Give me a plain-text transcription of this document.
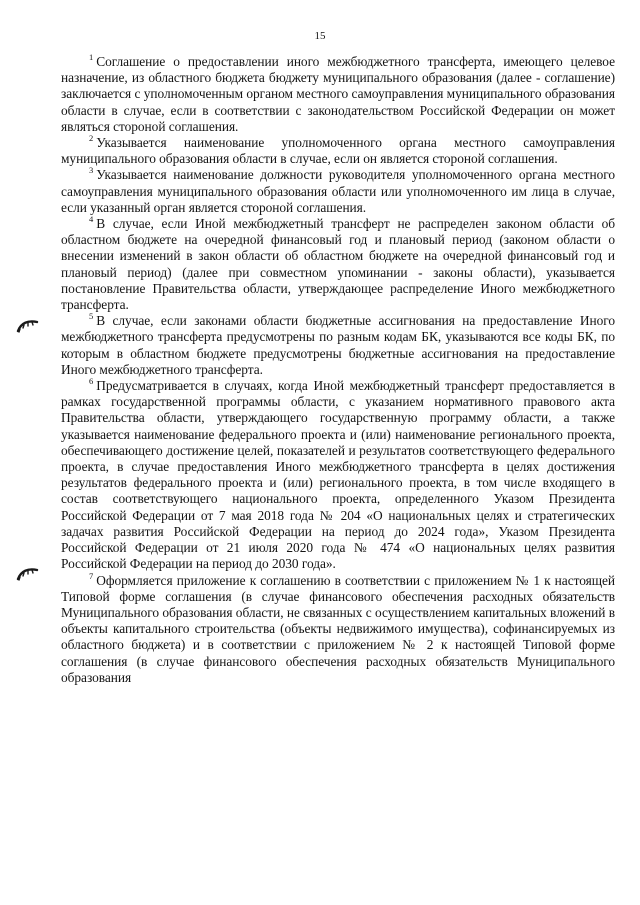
15

$^1$ Соглашение о предоставлении иного межбюджетного трансферта, имеющего целевое назначение, из областного бюджета бюджету муниципального образования (далее - соглашение) заключается с уполномоченным органом местного самоуправления муниципального образования области в случае, если в соответствии с законодательством Российской Федерации он может являться стороной соглашения.

$^2$ Указывается наименование уполномоченного органа местного самоуправления муниципального образования области в случае, если он является стороной соглашения.

$^3$ Указывается наименование должности руководителя уполномоченного органа местного самоуправления муниципального образования области или уполномоченного им лица в случае, если указанный орган является стороной соглашения.

$^4$ В случае, если Иной межбюджетный трансферт не распределен законом области об областном бюджете на очередной финансовый год и плановый период (законом области о внесении изменений в закон области об областном бюджете на очередной финансовый год и плановый период) (далее при совместном упоминании - законы области), указывается постановление Правительства области, утверждающее распределение Иного межбюджетного трансферта.

$^5$ В случае, если законами области бюджетные ассигнования на предоставление Иного межбюджетного трансферта предусмотрены по разным кодам БК, указываются все коды БК, по которым в областном бюджете предусмотрены бюджетные ассигнования на предоставление Иного межбюджетного трансферта.

$^6$ Предусматривается в случаях, когда Иной межбюджетный трансферт предоставляется в рамках государственной программы области, с указанием нормативного правового акта Правительства области, утверждающего государственную программу области, а также указывается наименование федерального проекта и (или) наименование регионального проекта, обеспечивающего достижение целей, показателей и результатов соответствующего федерального проекта, в случае предоставления Иного межбюджетного трансферта в целях достижения результатов федерального проекта и (или) регионального проекта, в том числе входящего в состав соответствующего национального проекта, определенного Указом Президента Российской Федерации от 7 мая 2018 года № 204 «О национальных целях и стратегических задачах развития Российской Федерации на период до 2024 года», Указом Президента Российской Федерации от 21 июля 2020 года № 474 «О национальных целях развития Российской Федерации на период до 2030 года».

$^7$ Оформляется приложение к соглашению в соответствии с приложением № 1 к настоящей Типовой форме соглашения (в случае финансового обеспечения расходных обязательств Муниципального образования области, не связанных с осуществлением капитальных вложений в объекты капитального строительства (объекты недвижимого имущества), софинансируемых из областного бюджета) и в соответствии с приложением № 2 к настоящей Типовой форме соглашения (в случае финансового обеспечения расходных обязательств Муниципального образования
